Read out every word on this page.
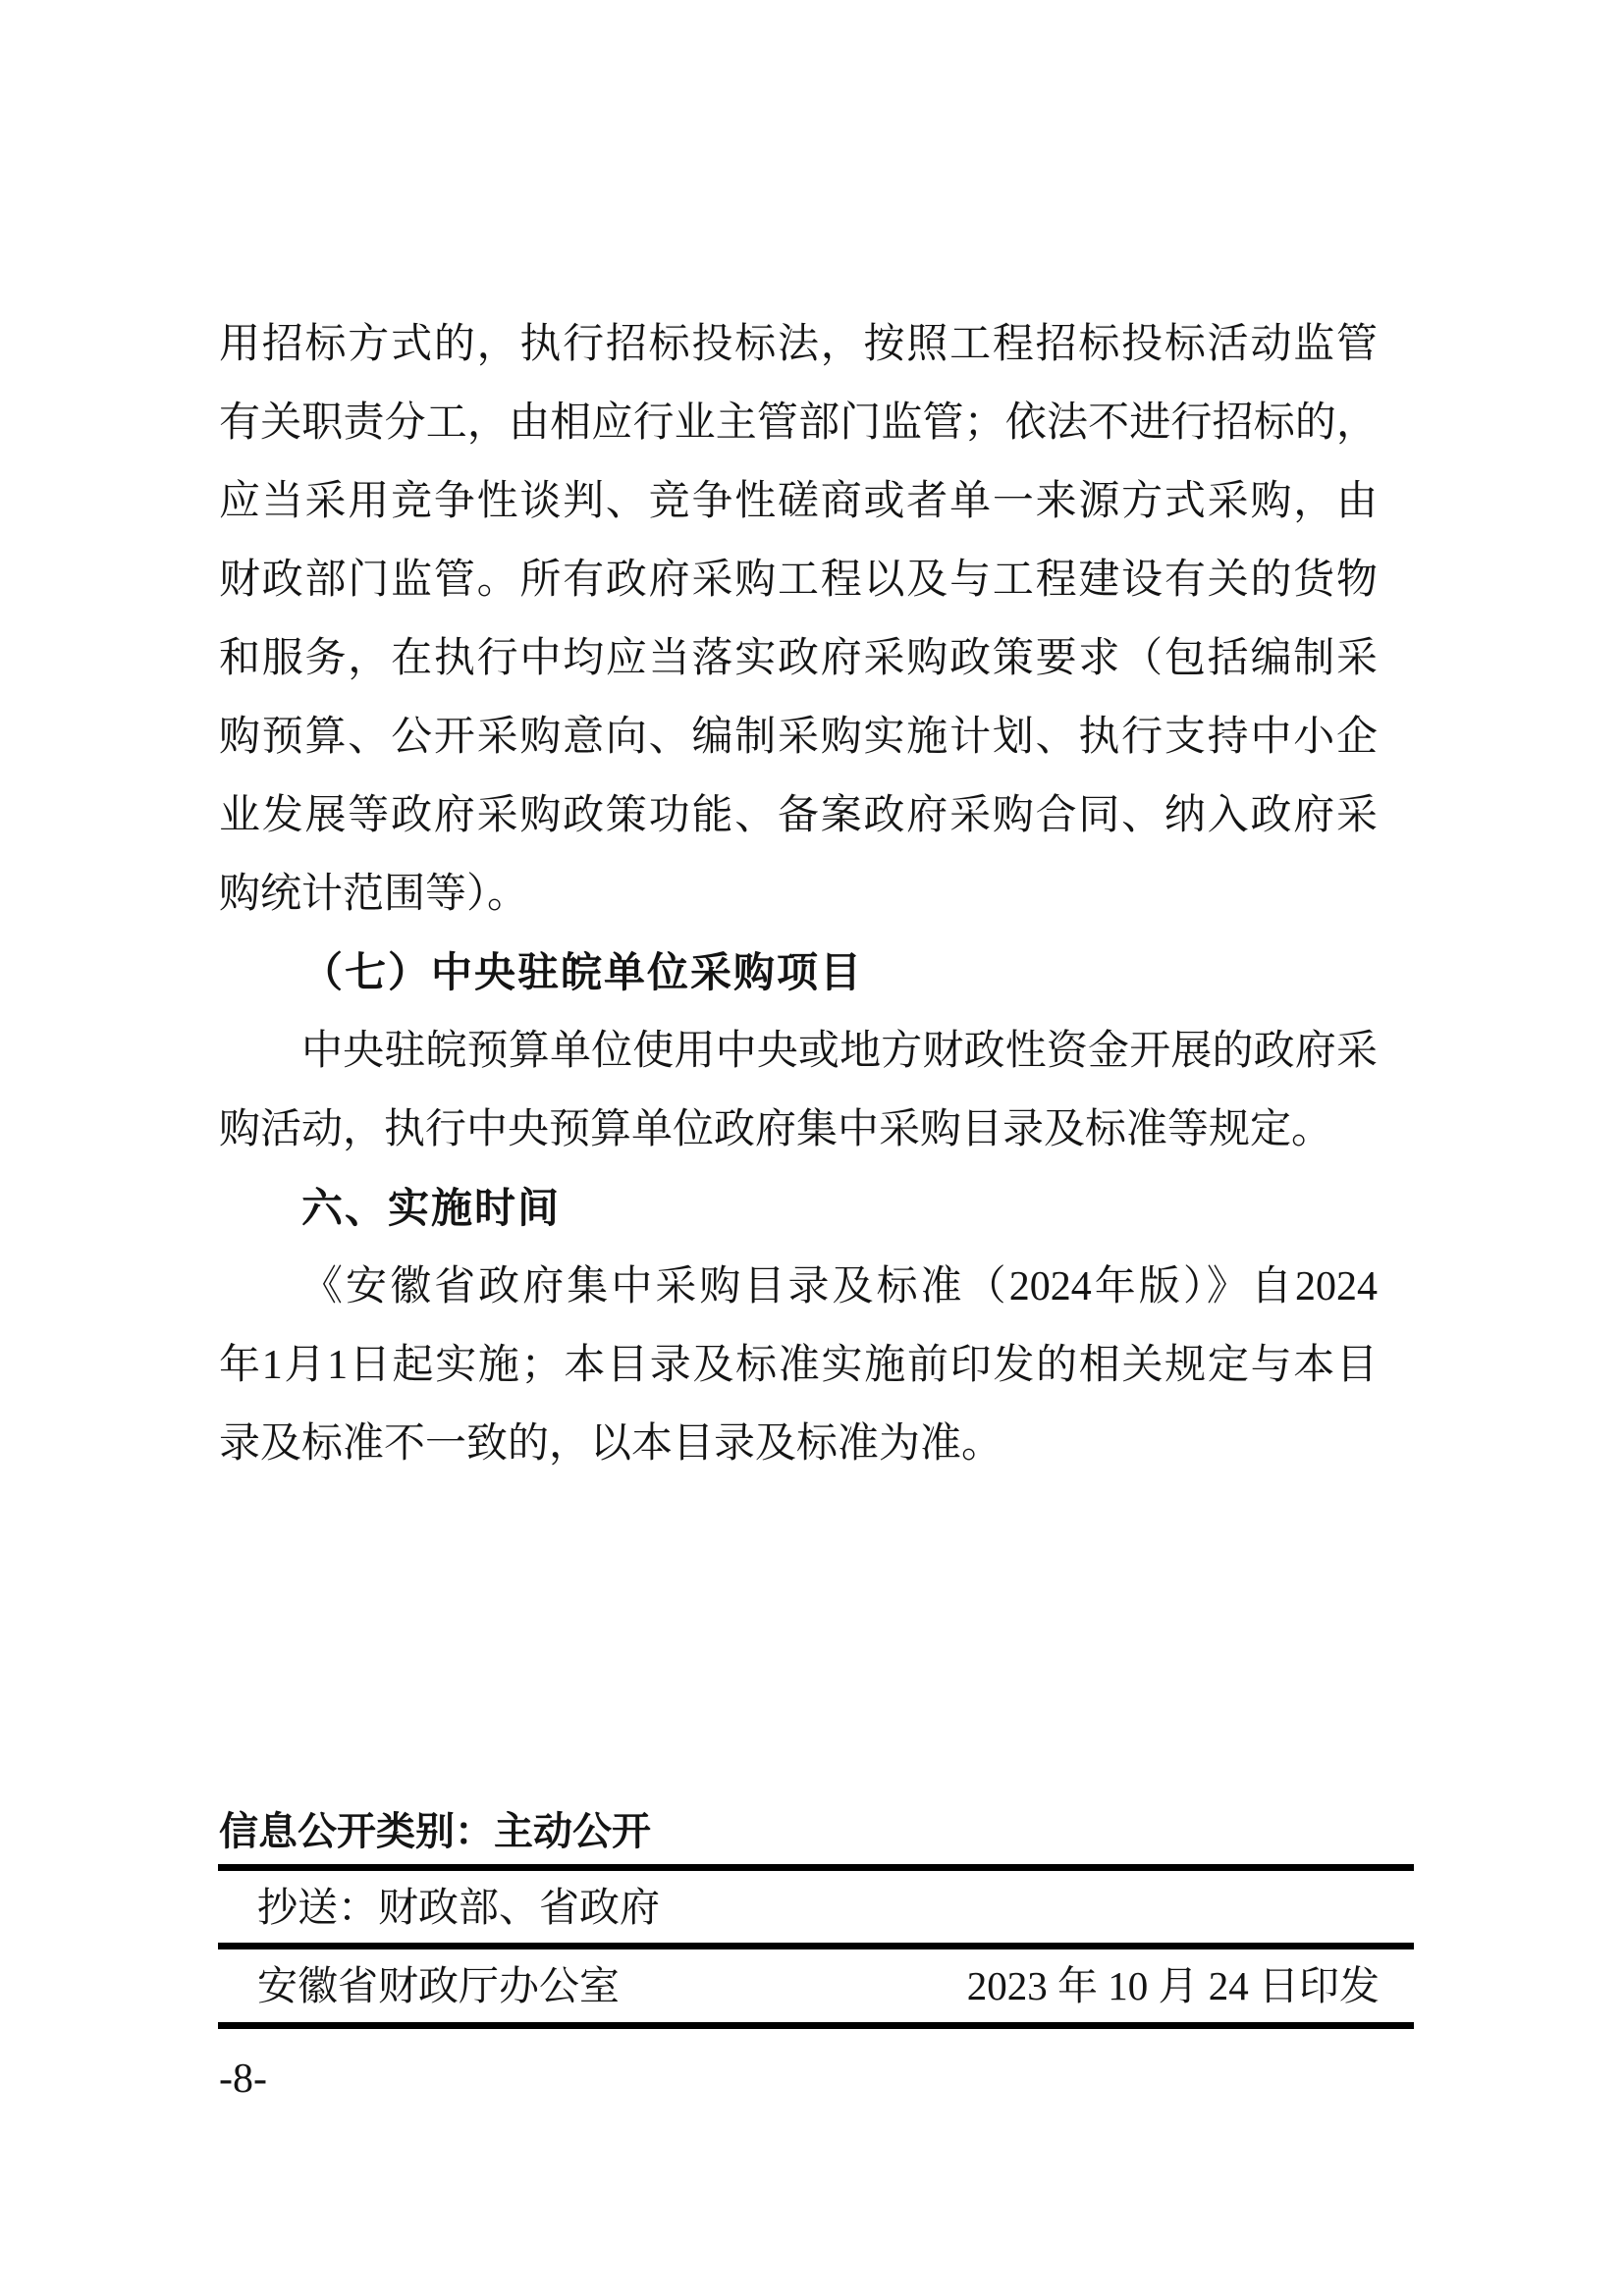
用招标方式的，执行招标投标法，按照工程招标投标活动监管
有关职责分工，由相应行业主管部门监管；依法不进行招标的，
应当采用竞争性谈判、竞争性磋商或者单一来源方式采购，由
财政部门监管。所有政府采购工程以及与工程建设有关的货物
和服务，在执行中均应当落实政府采购政策要求（包括编制采
购预算、公开采购意向、编制采购实施计划、执行支持中小企
业发展等政府采购政策功能、备案政府采购合同、纳入政府采
购统计范围等）。
（七）中央驻皖单位采购项目
中央驻皖预算单位使用中央或地方财政性资金开展的政府采
购活动，执行中央预算单位政府集中采购目录及标准等规定。
六、实施时间
《安徽省政府集中采购目录及标准（2024年版）》自2024
年1月1日起实施；本目录及标准实施前印发的相关规定与本目
录及标准不一致的，以本目录及标准为准。
信息公开类别：主动公开
抄送：财政部、省政府
安徽省财政厅办公室	2023 年 10 月 24 日印发
-8-
